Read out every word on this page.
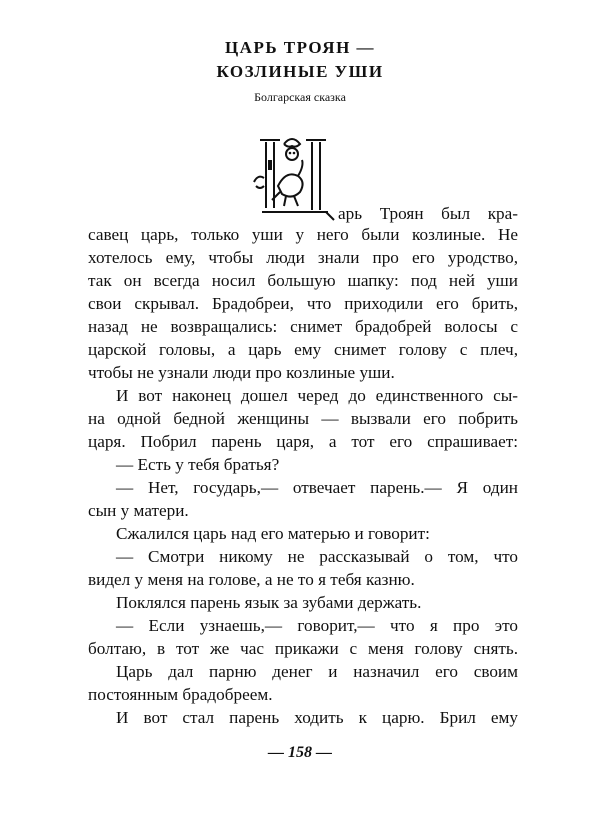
ЦАРЬ ТРОЯН —
КОЗЛИНЫЕ УШИ
Болгарская сказка
арь Троян был кра-
савец царь, только уши у него были козлиные. Не
хотелось ему, чтобы люди знали про его уродство,
так он всегда носил большую шапку: под ней уши
свои скрывал. Брадобреи, что приходили его брить,
назад не возвращались: снимет брадобрей волосы с
царской головы, а царь ему снимет голову с плеч,
чтобы не узнали люди про козлиные уши.
И вот наконец дошел черед до единственного сы-
на одной бедной женщины — вызвали его побрить
царя. Побрил парень царя, а тот его спрашивает:
— Есть у тебя братья?
— Нет, государь,— отвечает парень.— Я один
сын у матери.
Сжалился царь над его матерью и говорит:
— Смотри никому не рассказывай о том, что
видел у меня на голове, а не то я тебя казню.
Поклялся парень язык за зубами держать.
— Если узнаешь,— говорит,— что я про это
болтаю, в тот же час прикажи с меня голову снять.
Царь дал парню денег и назначил его своим
постоянным брадобреем.
И вот стал парень ходить к царю. Брил ему
— 158 —
